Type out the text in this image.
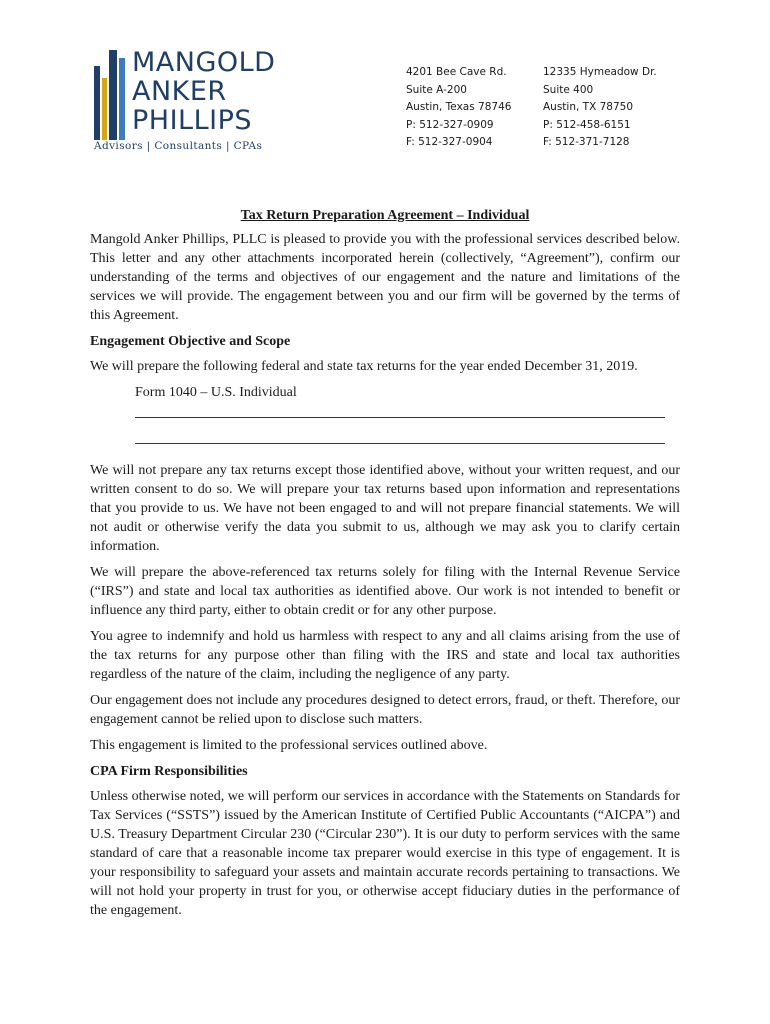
MANGOLD
ANKER
PHILLIPS
Advisors | Consultants | CPAs
4201 Bee Cave Rd.
Suite A-200
Austin, Texas 78746
P: 512-327-0909
F: 512-327-0904
12335 Hymeadow Dr.
Suite 400
Austin, TX 78750
P: 512-458-6151
F: 512-371-7128
Tax Return Preparation Agreement – Individual

Mangold Anker Phillips, PLLC is pleased to provide you with the professional services described below. This letter and any other attachments incorporated herein (collectively, “Agreement”), confirm our understanding of the terms and objectives of our engagement and the nature and limitations of the services we will provide. The engagement between you and our firm will be governed by the terms of this Agreement.

Engagement Objective and Scope

We will prepare the following federal and state tax returns for the year ended December 31, 2019.

Form 1040 – U.S. Individual

We will not prepare any tax returns except those identified above, without your written request, and our written consent to do so. We will prepare your tax returns based upon information and representations that you provide to us. We have not been engaged to and will not prepare financial statements. We will not audit or otherwise verify the data you submit to us, although we may ask you to clarify certain information.

We will prepare the above-referenced tax returns solely for filing with the Internal Revenue Service (“IRS”) and state and local tax authorities as identified above. Our work is not intended to benefit or influence any third party, either to obtain credit or for any other purpose.

You agree to indemnify and hold us harmless with respect to any and all claims arising from the use of the tax returns for any purpose other than filing with the IRS and state and local tax authorities regardless of the nature of the claim, including the negligence of any party.

Our engagement does not include any procedures designed to detect errors, fraud, or theft. Therefore, our engagement cannot be relied upon to disclose such matters.

This engagement is limited to the professional services outlined above.

CPA Firm Responsibilities

Unless otherwise noted, we will perform our services in accordance with the Statements on Standards for Tax Services (“SSTS”) issued by the American Institute of Certified Public Accountants (“AICPA”) and U.S. Treasury Department Circular 230 (“Circular 230”). It is our duty to perform services with the same standard of care that a reasonable income tax preparer would exercise in this type of engagement. It is your responsibility to safeguard your assets and maintain accurate records pertaining to transactions. We will not hold your property in trust for you, or otherwise accept fiduciary duties in the performance of the engagement.
